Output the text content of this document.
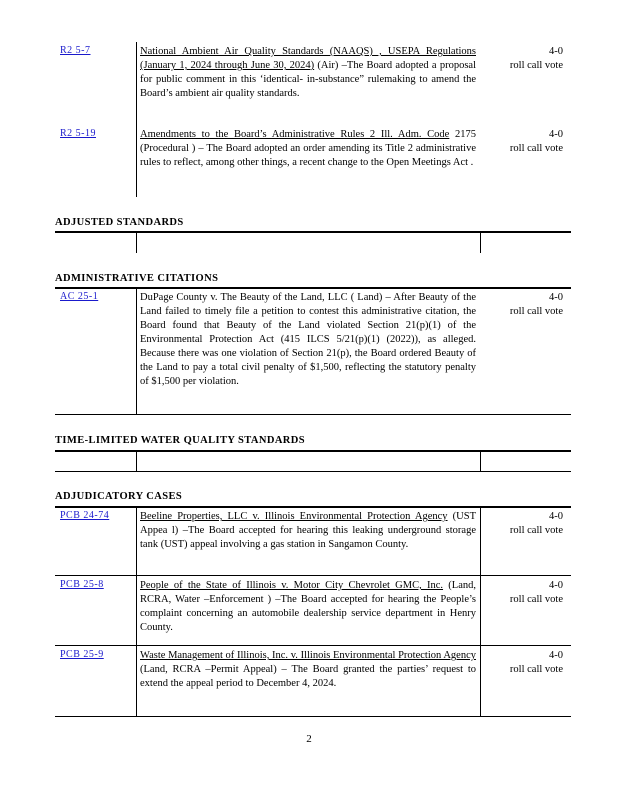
R2 5-7	National Ambient Air Quality Standards (NAAQS) , USEPA Regulations (January 1, 2024 through June 30, 2024) (Air) –The Board adopted a proposal for public comment in this ‘identical- in-substance” rulemaking to amend the Board’s ambient air quality standards.
4-0
roll call vote
R2 5-19	Amendments to the Board’s Administrative Rules 2 Ill. Adm. Code 2175 (Procedural ) – The Board adopted an order amending its Title 2 administrative rules to reflect, among other things, a recent change to the Open Meetings Act .
4-0
roll call vote
ADJUSTED STANDARDS
ADMINISTRATIVE CITATIONS
AC 25-1	DuPage County v. The Beauty of the Land, LLC ( Land) – After Beauty of the Land failed to timely file a petition to contest this administrative citation, the Board found that Beauty of the Land violated Section 21(p)(1) of the Environmental Protection Act (415 ILCS 5/21(p)(1) (2022)), as alleged. Because there was one violation of Section 21(p), the Board ordered Beauty of the Land to pay a total civil penalty of $1,500, reflecting the statutory penalty of $1,500 per violation.
4-0
roll call vote
TIME-LIMITED WATER QUALITY STANDARDS
ADJUDICATORY CASES
PCB 24-74	Beeline Properties, LLC v. Illinois Environmental Protection Agency (UST Appea l) –The Board accepted for hearing this leaking underground storage tank (UST) appeal involving a gas station in Sangamon County.
4-0
roll call vote
PCB 25-8	People of the State of Illinois v. Motor City Chevrolet GMC, Inc. (Land, RCRA, Water –Enforcement ) –The Board accepted for hearing the People’s complaint concerning an automobile dealership service department in Henry County.
4-0
roll call vote
PCB 25-9	Waste Management of Illinois, Inc. v. Illinois Environmental Protection Agency (Land, RCRA –Permit Appeal) – The Board granted the parties’ request to extend the appeal period to December 4, 2024.
4-0
roll call vote
2
